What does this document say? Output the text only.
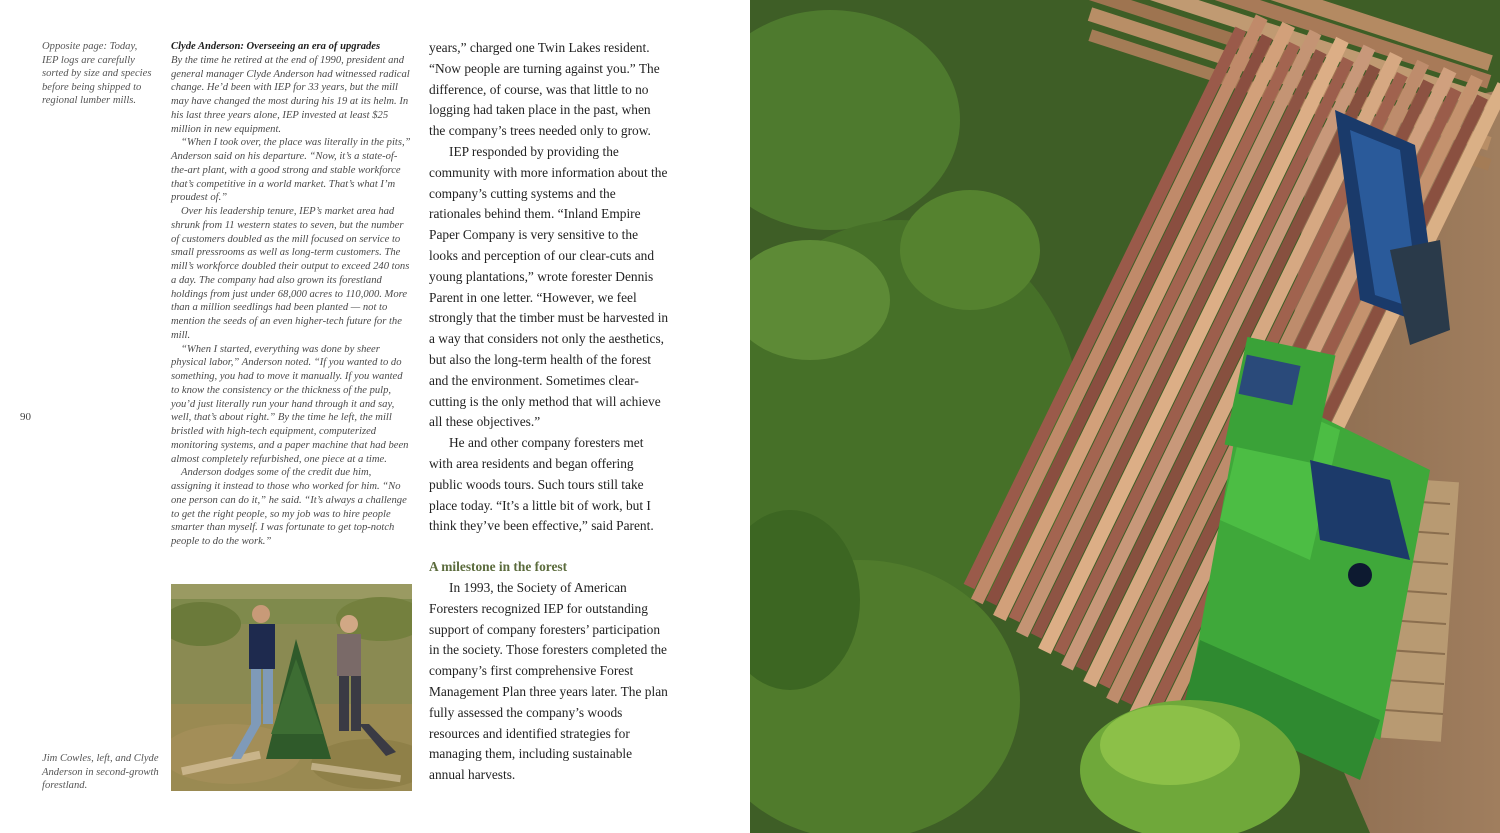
Opposite page: Today, IEP logs are carefully sorted by size and species before being shipped to regional lumber mills.
90

Clyde Anderson: Overseeing an era of upgrades

By the time he retired at the end of 1990, president and general manager Clyde Anderson had witnessed radical change. He’d been with IEP for 33 years, but the mill may have changed the most during his 19 at its helm. In his last three years alone, IEP invested at least $25 million in new equipment.

“When I took over, the place was literally in the pits,” Anderson said on his departure. “Now, it’s a state-of-the-art plant, with a good strong and stable workforce that’s competitive in a world market. That’s what I’m proudest of.”

Over his leadership tenure, IEP’s market area had shrunk from 11 western states to seven, but the number of customers doubled as the mill focused on service to small pressrooms as well as long-term customers. The mill’s workforce doubled their output to exceed 240 tons a day. The company had also grown its forestland holdings from just under 68,000 acres to 110,000. More than a million seedlings had been planted — not to mention the seeds of an even higher-tech future for the mill.

“When I started, everything was done by sheer physical labor,” Anderson noted. “If you wanted to do something, you had to move it manually. If you wanted to know the consistency or the thickness of the pulp, you’d just literally run your hand through it and say, well, that’s about right.” By the time he left, the mill bristled with high-tech equipment, computerized monitoring systems, and a paper machine that had been almost completely refurbished, one piece at a time.

Anderson dodges some of the credit due him, assigning it instead to those who worked for him. “No one person can do it,” he said. “It’s always a challenge to get the right people, so my job was to hire people smarter than myself. I was fortunate to get top-notch people to do the work.”

Jim Cowles, left, and Clyde Anderson in second-growth forestland.

years,” charged one Twin Lakes resident. “Now people are turning against you.” The difference, of course, was that little to no logging had taken place in the past, when the company’s trees needed only to grow.

IEP responded by providing the community with more information about the company’s cutting systems and the rationales behind them. “Inland Empire Paper Company is very sensitive to the looks and perception of our clear-cuts and young plantations,” wrote forester Dennis Parent in one letter. “However, we feel strongly that the timber must be harvested in a way that considers not only the aesthetics, but also the long-term health of the forest and the environment. Sometimes clear-cutting is the only method that will achieve all these objectives.”

He and other company foresters met with area residents and began offering public woods tours. Such tours still take place today. “It’s a little bit of work, but I think they’ve been effective,” said Parent.

A milestone in the forest

In 1993, the Society of American Foresters recognized IEP for outstanding support of company foresters’ participation in the society. Those foresters completed the company’s first comprehensive Forest Management Plan three years later. The plan fully assessed the company’s woods resources and identified strategies for managing them, including sustainable annual harvests.
